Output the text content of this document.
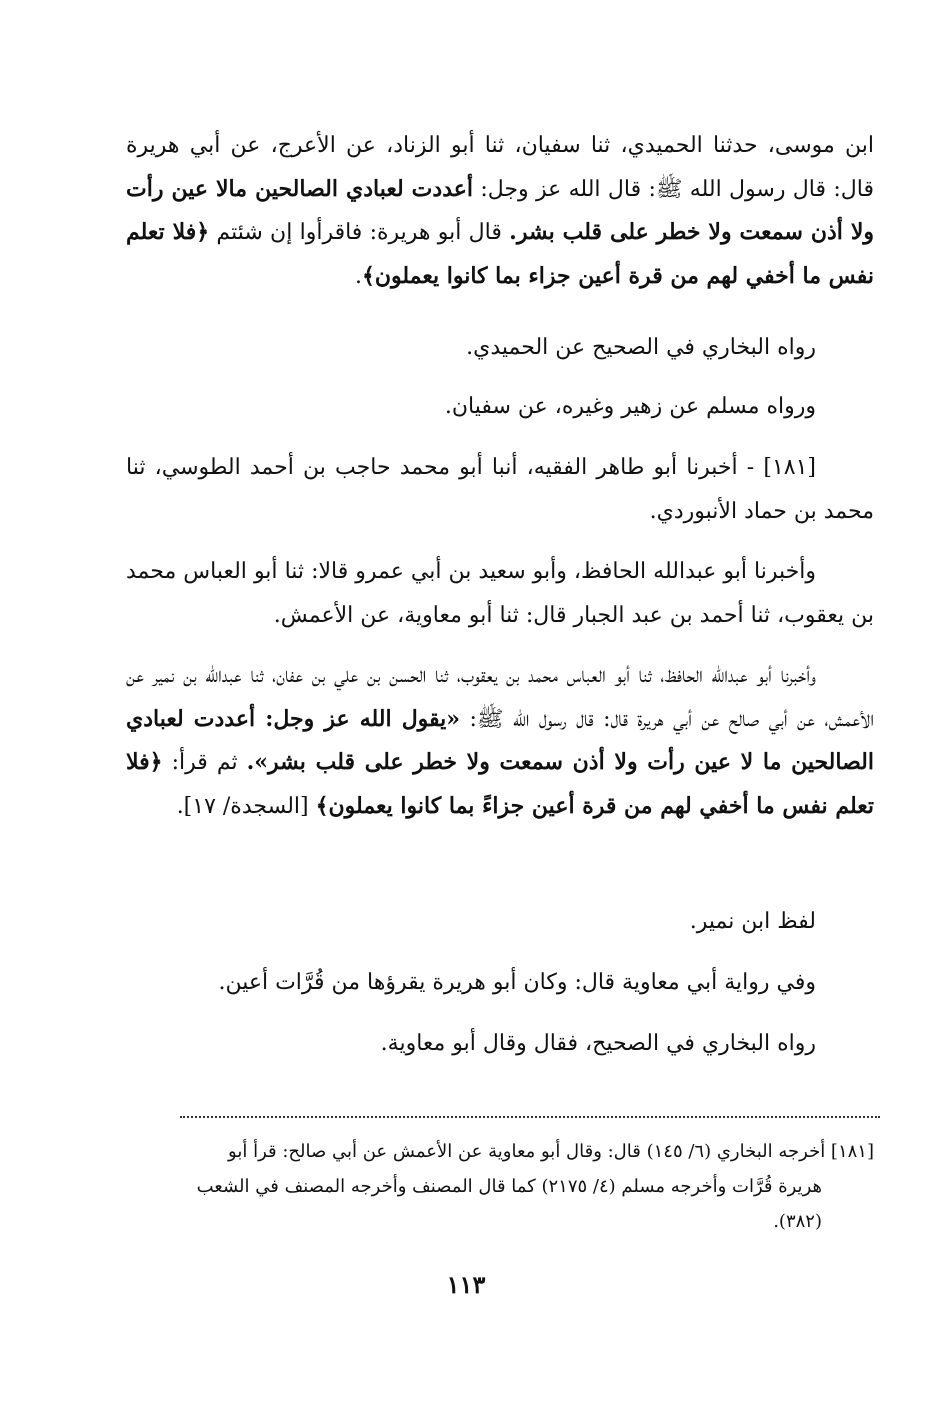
ابن موسى، حدثنا الحميدي، ثنا سفيان، ثنا أبو الزناد، عن الأعرج، عن أبي هريرة قال: قال رسول الله ﷺ: قال الله عز وجل: أعددت لعبادي الصالحين مالا عين رأت ولا أذن سمعت ولا خطر على قلب بشر. قال أبو هريرة: فاقرأوا إن شئتم ﴿فلا تعلم نفس ما أخفي لهم من قرة أعين جزاء بما كانوا يعملون﴾.

رواه البخاري في الصحيح عن الحميدي.

ورواه مسلم عن زهير وغيره، عن سفيان.

[١٨١] - أخبرنا أبو طاهر الفقيه، أنبا أبو محمد حاجب بن أحمد الطوسي، ثنا محمد بن حماد الأنبوردي.

وأخبرنا أبو عبدالله الحافظ، وأبو سعيد بن أبي عمرو قالا: ثنا أبو العباس محمد بن يعقوب، ثنا أحمد بن عبد الجبار قال: ثنا أبو معاوية، عن الأعمش.

وأخبرنا أبو عبدالله الحافظ، ثنا أبو العباس محمد بن يعقوب، ثنا الحسن بن علي بن عفان، ثنا عبدالله بن نمير عن الأعمش، عن أبي صالح عن أبي هريرة قال: قال رسول الله ﷺ: «يقول الله عز وجل: أعددت لعبادي الصالحين ما لا عين رأت ولا أذن سمعت ولا خطر على قلب بشر». ثم قرأ: ﴿فلا تعلم نفس ما أخفي لهم من قرة أعين جزاءً بما كانوا يعملون﴾ [السجدة/ ١٧].

لفظ ابن نمير.

وفي رواية أبي معاوية قال: وكان أبو هريرة يقرؤها من قُرَّات أعين.

رواه البخاري في الصحيح، فقال وقال أبو معاوية.

[١٨١] أخرجه البخاري (٦/ ١٤٥) قال: وقال أبو معاوية عن الأعمش عن أبي صالح: قرأ أبو
هريرة قُرَّات وأخرجه مسلم (٤/ ٢١٧٥) كما قال المصنف وأخرجه المصنف في الشعب
(٣٨٢).
١١٣
